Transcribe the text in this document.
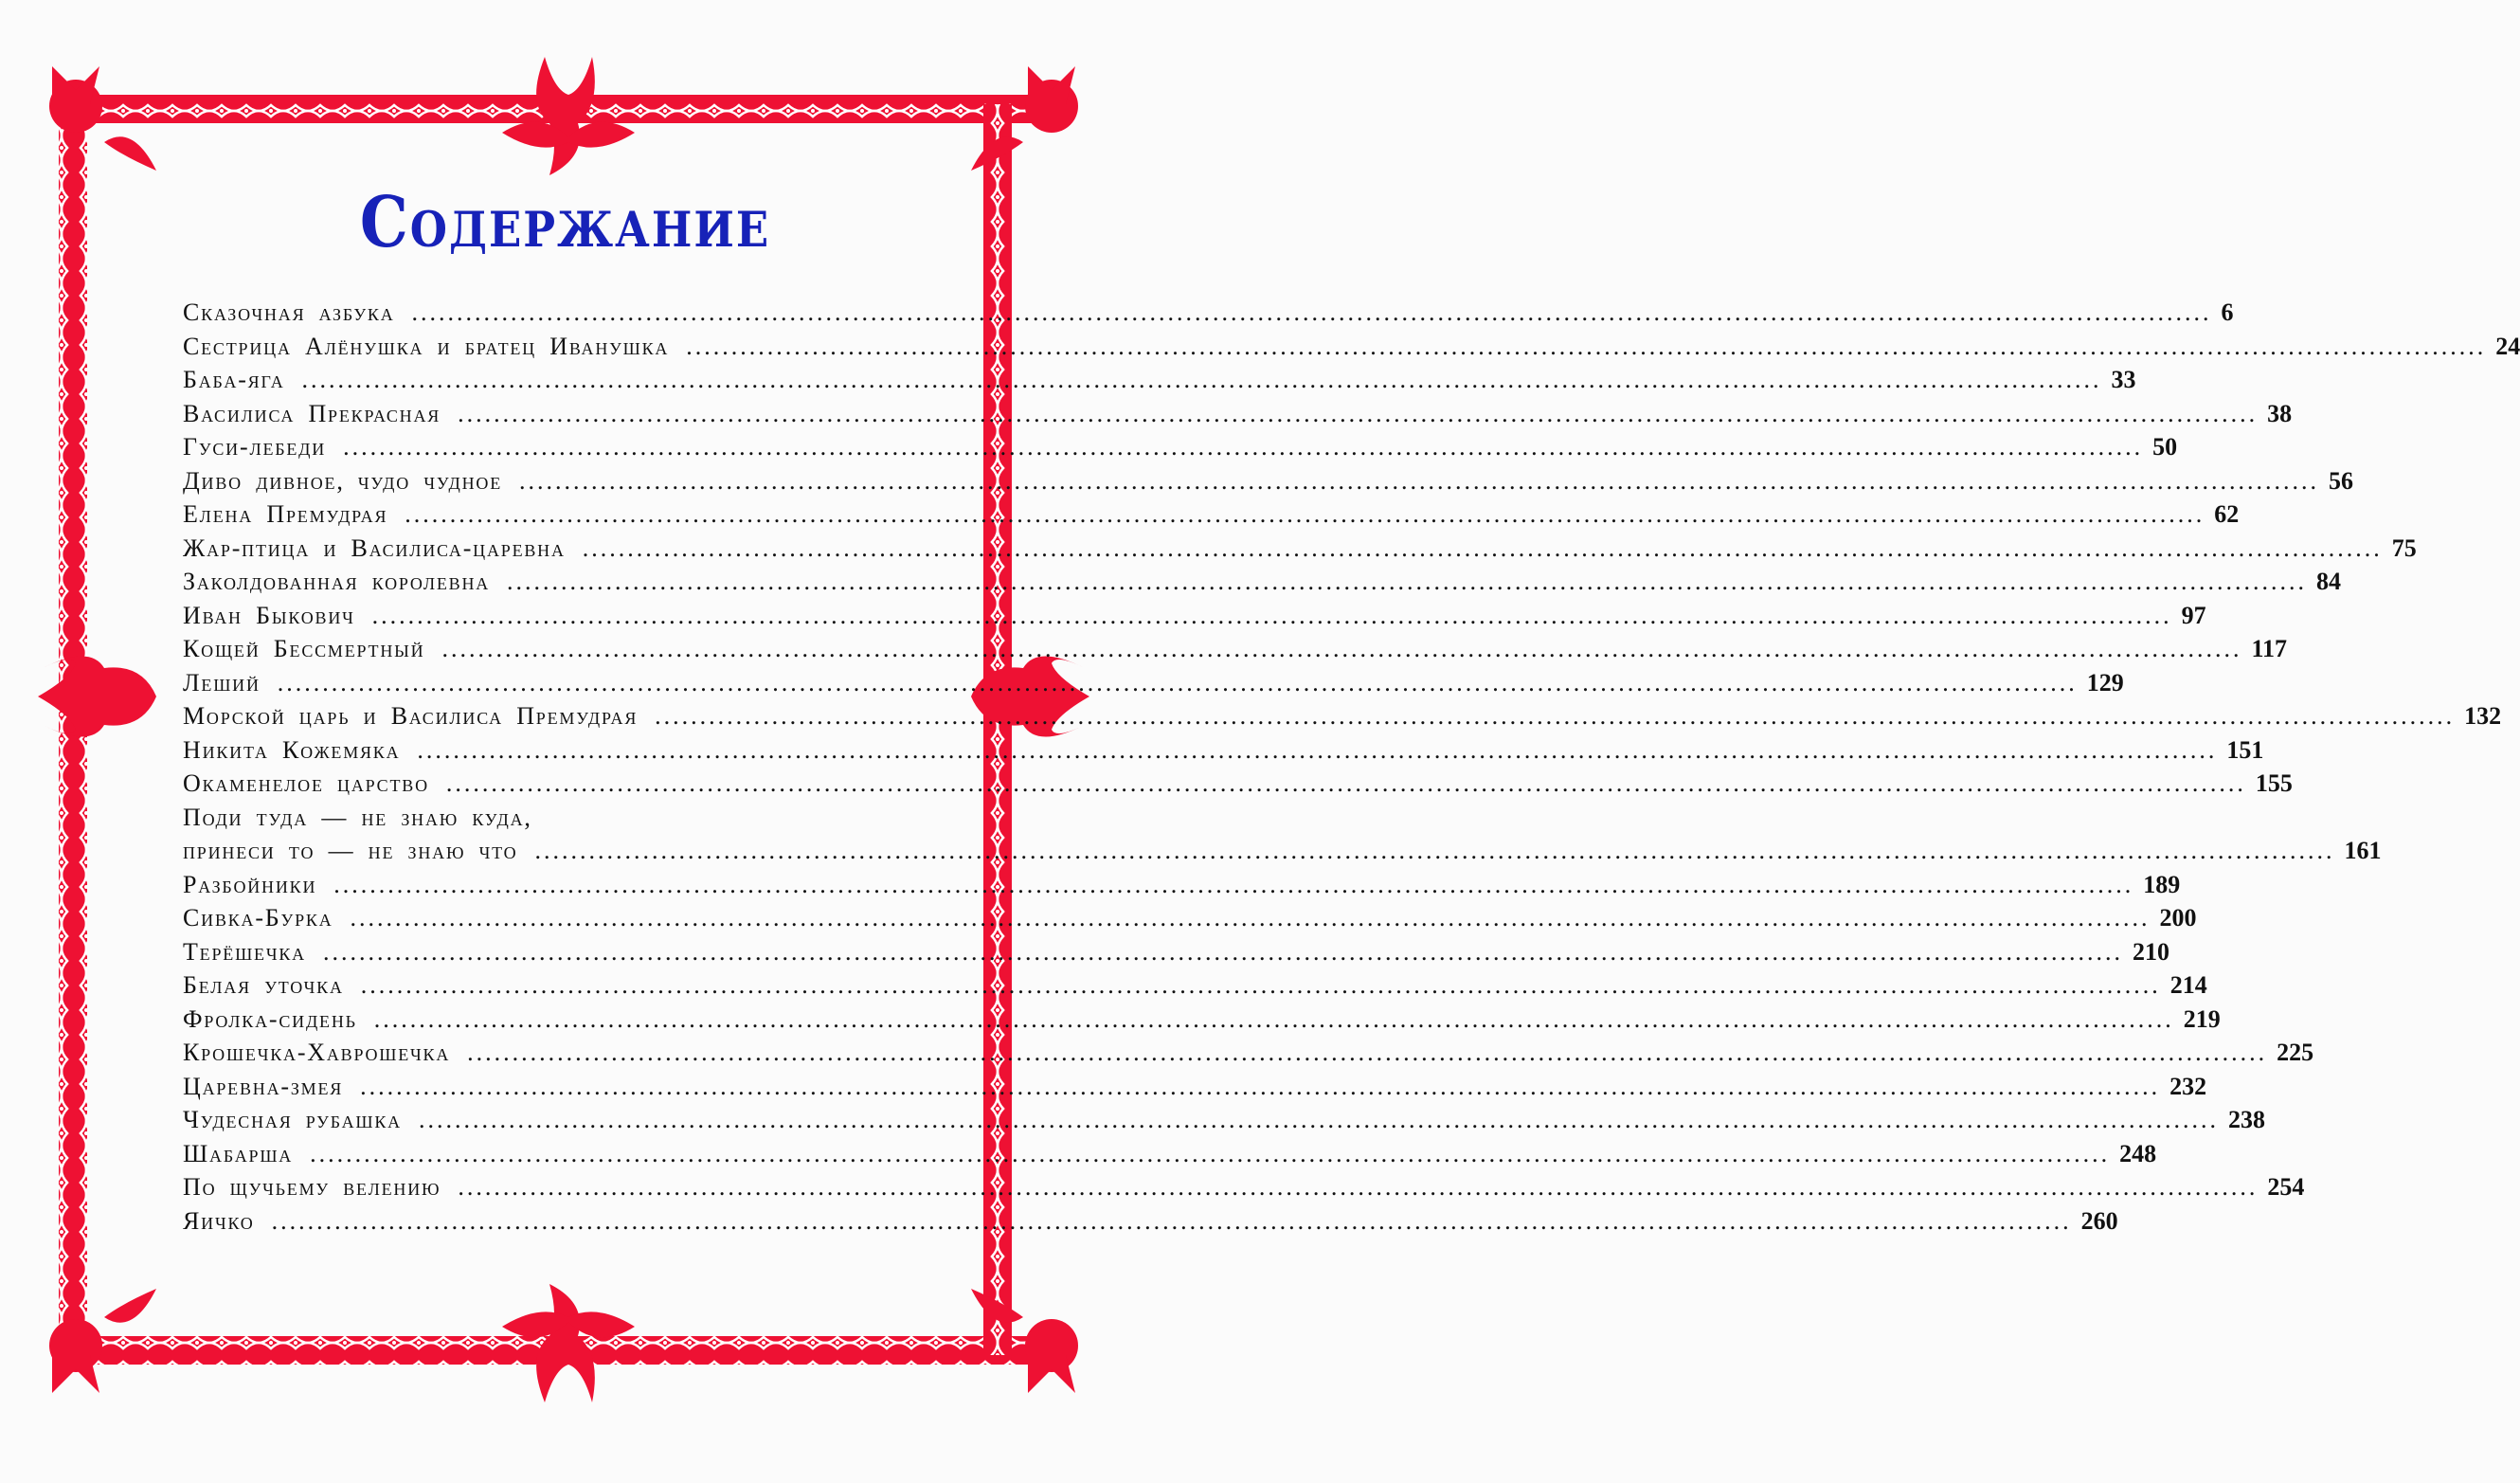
Содержание
Сказочная азбука ........................................................................................................................................................................................................ 6
Сестрица Алёнушка и братец Иванушка ........................................................................................................................................................................................................ 24
Баба-яга ........................................................................................................................................................................................................ 33
Василиса Прекрасная ........................................................................................................................................................................................................ 38
Гуси-лебеди ........................................................................................................................................................................................................ 50
Диво дивное, чудо чудное ........................................................................................................................................................................................................ 56
Елена Премудрая ........................................................................................................................................................................................................ 62
Жар-птица и Василиса-царевна ........................................................................................................................................................................................................ 75
Заколдованная королевна ........................................................................................................................................................................................................ 84
Иван Быкович ........................................................................................................................................................................................................ 97
Кощей Бессмертный ........................................................................................................................................................................................................ 117
Леший ........................................................................................................................................................................................................ 129
Морской царь и Василиса Премудрая ........................................................................................................................................................................................................ 132
Никита Кожемяка ........................................................................................................................................................................................................ 151
Окаменелое царство ........................................................................................................................................................................................................ 155
Поди туда — не знаю куда,
принеси то — не знаю что ........................................................................................................................................................................................................ 161
Разбойники ........................................................................................................................................................................................................ 189
Сивка-Бурка ........................................................................................................................................................................................................ 200
Терёшечка ........................................................................................................................................................................................................ 210
Белая уточка ........................................................................................................................................................................................................ 214
Фролка-сидень ........................................................................................................................................................................................................ 219
Крошечка-Хаврошечка ........................................................................................................................................................................................................ 225
Царевна-змея ........................................................................................................................................................................................................ 232
Чудесная рубашка ........................................................................................................................................................................................................ 238
Шабарша ........................................................................................................................................................................................................ 248
По щучьему велению ........................................................................................................................................................................................................ 254
Яичко ........................................................................................................................................................................................................ 260
